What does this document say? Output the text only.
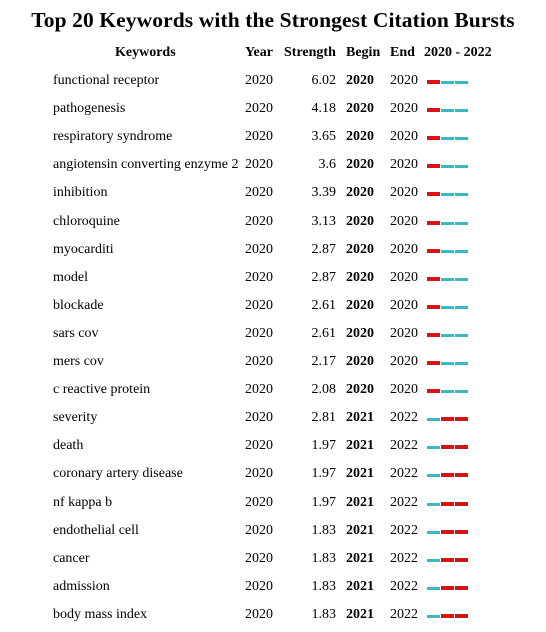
Top 20 Keywords with the Strongest Citation Bursts
Keywords	Year Strength Begin End 2020 - 2022
functional receptor	2020	6.02 2020 2020
pathogenesis	2020	4.18 2020 2020
respiratory syndrome	2020	3.65 2020 2020
angiotensin converting enzyme 2 2020	3.6 2020 2020
inhibition	2020	3.39 2020 2020
chloroquine	2020	3.13 2020 2020
myocarditi	2020	2.87 2020 2020
model	2020	2.87 2020 2020
blockade	2020	2.61 2020 2020
sars cov	2020	2.61 2020 2020
mers cov	2020	2.17 2020 2020
c reactive protein	2020	2.08 2020 2020
severity	2020	2.81 2021 2022
death	2020	1.97 2021 2022
coronary artery disease	2020	1.97 2021 2022
nf kappa b	2020	1.97 2021 2022
endothelial cell	2020	1.83 2021 2022
cancer	2020	1.83 2021 2022
admission	2020	1.83 2021 2022
body mass index	2020	1.83 2021 2022
